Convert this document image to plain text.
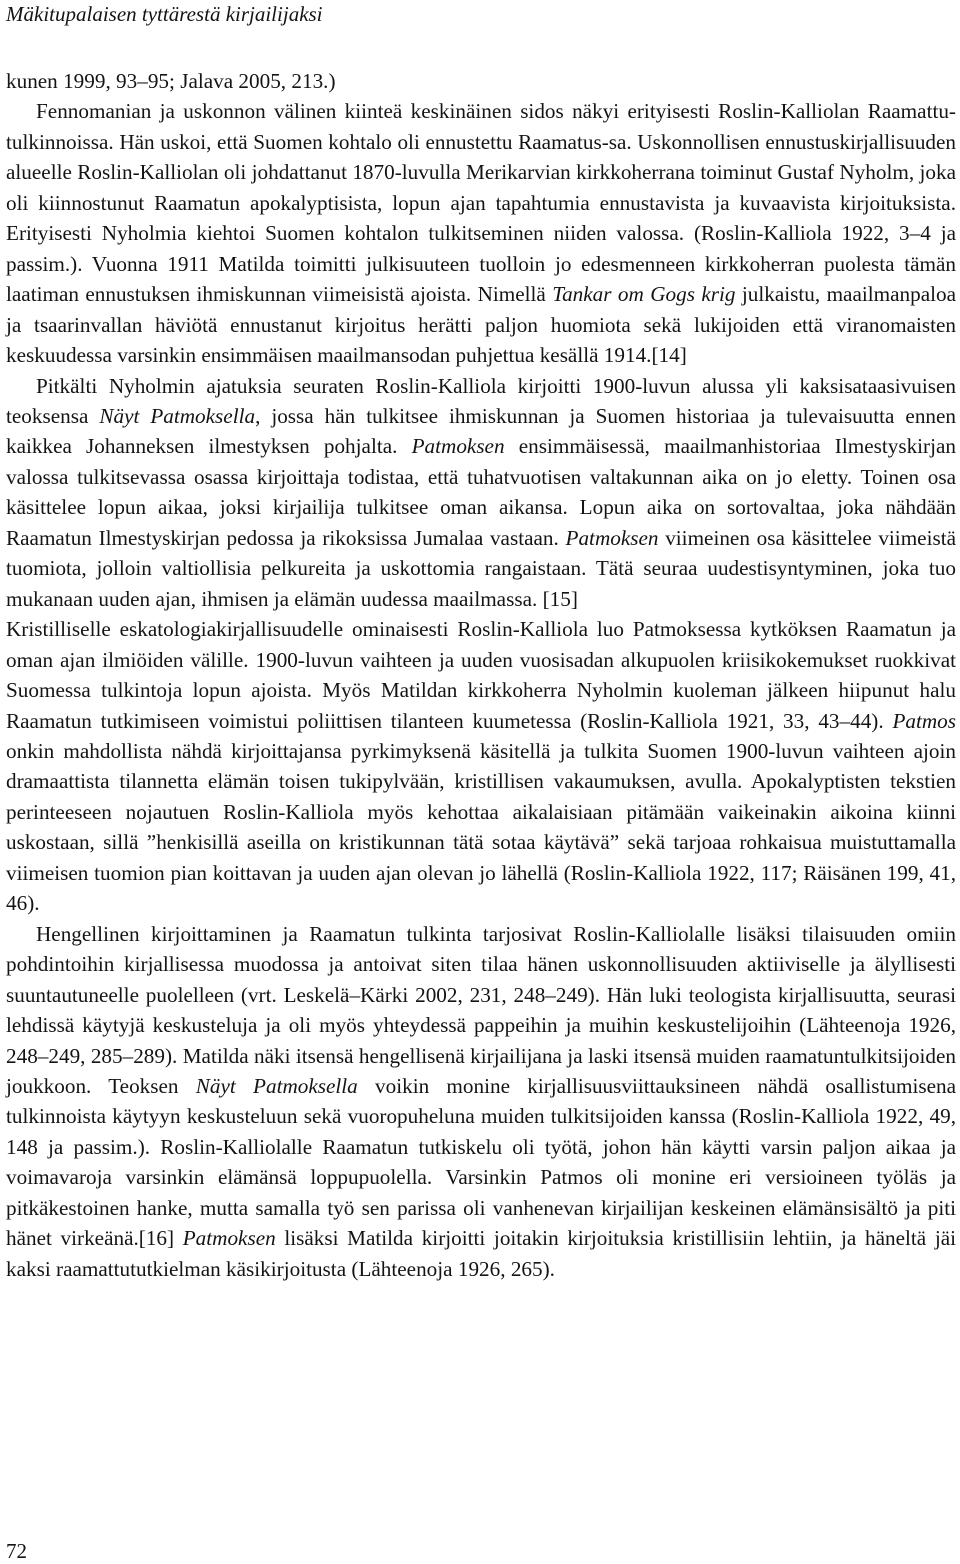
Mäkitupalaisen tyttärestä kirjailijaksi

kunen 1999, 93–95; Jalava 2005, 213.)

Fennomanian ja uskonnon välinen kiinteä keskinäinen sidos näkyi erityisesti Roslin-Kalliolan Raamattu-tulkinnoissa. Hän uskoi, että Suomen kohtalo oli ennustettu Raamatus-sa. Uskonnollisen ennustuskirjallisuuden alueelle Roslin-Kalliolan oli johdattanut 1870-luvulla Merikarvian kirkkoherrana toiminut Gustaf Nyholm, joka oli kiinnostunut Raamatun apokalyptisista, lopun ajan tapahtumia ennustavista ja kuvaavista kirjoituksista. Erityisesti Nyholmia kiehtoi Suomen kohtalon tulkitseminen niiden valossa. (Roslin-Kalliola 1922, 3–4 ja passim.). Vuonna 1911 Matilda toimitti julkisuuteen tuolloin jo edesmenneen kirkkoherran puolesta tämän laatiman ennustuksen ihmiskunnan viimeisistä ajoista. Nimellä Tankar om Gogs krig julkaistu, maailmanpaloa ja tsaarinvallan häviötä ennustanut kirjoitus herätti paljon huomiota sekä lukijoiden että viranomaisten keskuudessa varsinkin ensimmäisen maailmansodan puhjettua kesällä 1914.[14]

Pitkälti Nyholmin ajatuksia seuraten Roslin-Kalliola kirjoitti 1900-luvun alussa yli kaksisataasivuisen teoksensa Näyt Patmoksella, jossa hän tulkitsee ihmiskunnan ja Suomen historiaa ja tulevaisuutta ennen kaikkea Johanneksen ilmestyksen pohjalta. Patmoksen ensimmäisessä, maailmanhistoriaa Ilmestyskirjan valossa tulkitsevassa osassa kirjoittaja todistaa, että tuhatvuotisen valtakunnan aika on jo eletty. Toinen osa käsittelee lopun aikaa, joksi kirjailija tulkitsee oman aikansa. Lopun aika on sortovaltaa, joka nähdään Raamatun Ilmestyskirjan pedossa ja rikoksissa Jumalaa vastaan. Patmoksen viimeinen osa käsittelee viimeistä tuomiota, jolloin valtiollisia pelkureita ja uskottomia rangaistaan. Tätä seuraa uudestisyntyminen, joka tuo mukanaan uuden ajan, ihmisen ja elämän uudessa maailmassa. [15]

Kristilliselle eskatologiakirjallisuudelle ominaisesti Roslin-Kalliola luo Patmoksessa kytköksen Raamatun ja oman ajan ilmiöiden välille. 1900-luvun vaihteen ja uuden vuosisadan alkupuolen kriisikokemukset ruokkivat Suomessa tulkintoja lopun ajoista. Myös Matildan kirkkoherra Nyholmin kuoleman jälkeen hiipunut halu Raamatun tutkimiseen voimistui poliittisen tilanteen kuumetessa (Roslin-Kalliola 1921, 33, 43–44). Patmos onkin mahdollista nähdä kirjoittajansa pyrkimyksenä käsitellä ja tulkita Suomen 1900-luvun vaihteen ajoin dramaattista tilannetta elämän toisen tukipylvään, kristillisen vakaumuksen, avulla. Apokalyptisten tekstien perinteeseen nojautuen Roslin-Kalliola myös kehottaa aikalaisiaan pitämään vaikeinakin aikoina kiinni uskostaan, sillä ”henkisillä aseilla on kristikunnan tätä sotaa käytävä” sekä tarjoaa rohkaisua muistuttamalla viimeisen tuomion pian koittavan ja uuden ajan olevan jo lähellä (Roslin-Kalliola 1922, 117; Räisänen 199, 41, 46).

Hengellinen kirjoittaminen ja Raamatun tulkinta tarjosivat Roslin-Kalliolalle lisäksi tilaisuuden omiin pohdintoihin kirjallisessa muodossa ja antoivat siten tilaa hänen uskonnollisuuden aktiiviselle ja älyllisesti suuntautuneelle puolelleen (vrt. Leskelä–Kärki 2002, 231, 248–249). Hän luki teologista kirjallisuutta, seurasi lehdissä käytyjä keskusteluja ja oli myös yhteydessä pappeihin ja muihin keskustelijoihin (Lähteenoja 1926, 248–249, 285–289). Matilda näki itsensä hengellisenä kirjailijana ja laski itsensä muiden raamatuntulkitsijoiden joukkoon. Teoksen Näyt Patmoksella voikin monine kirjallisuusviittauksineen nähdä osallistumisena tulkinnoista käytyyn keskusteluun sekä vuoropuheluna muiden tulkitsijoiden kanssa (Roslin-Kalliola 1922, 49, 148 ja passim.). Roslin-Kalliolalle Raamatun tutkiskelu oli työtä, johon hän käytti varsin paljon aikaa ja voimavaroja varsinkin elämänsä loppupuolella. Varsinkin Patmos oli monine eri versioineen työläs ja pitkäkestoinen hanke, mutta samalla työ sen parissa oli vanhenevan kirjailijan keskeinen elämänsisältö ja piti hänet virkeänä.[16] Patmoksen lisäksi Matilda kirjoitti joitakin kirjoituksia kristillisiin lehtiin, ja häneltä jäi kaksi raamattututkielman käsikirjoitusta (Lähteenoja 1926, 265).

72
